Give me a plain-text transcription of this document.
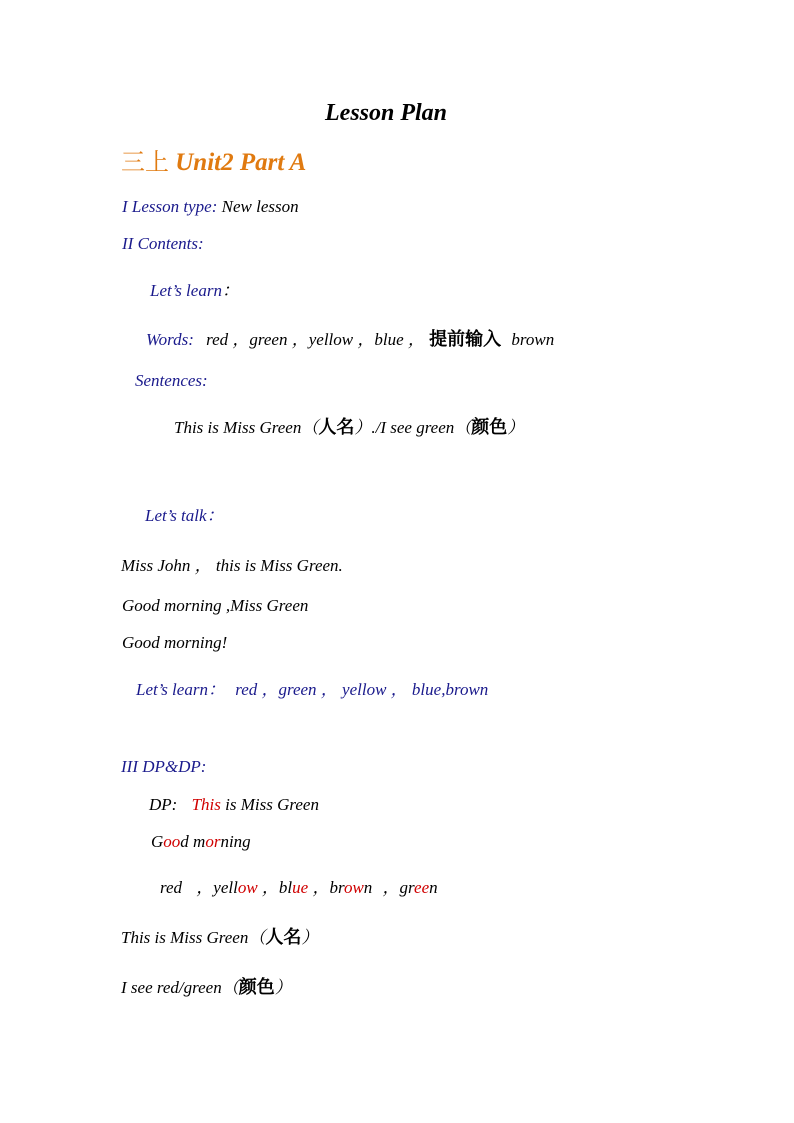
Lesson Plan
三上 Unit2 Part A
I Lesson type: New lesson
II Contents:
Let’s learn：
Words: red ，green ，yellow ，blue ， 提前输入 brown
Sentences:
This is Miss Green（人名）./I see green（颜色）
Let’s talk：
Miss John ， this is Miss Green.
Good morning ,Miss Green
Good morning!
Let’s learn： red ，green ， yellow ， blue,brown
III DP&DP:
DP: This is Miss Green
Good morning
red ，yellow ，blue ，brown ，green
This is Miss Green（人名）
I see red/green（颜色）
